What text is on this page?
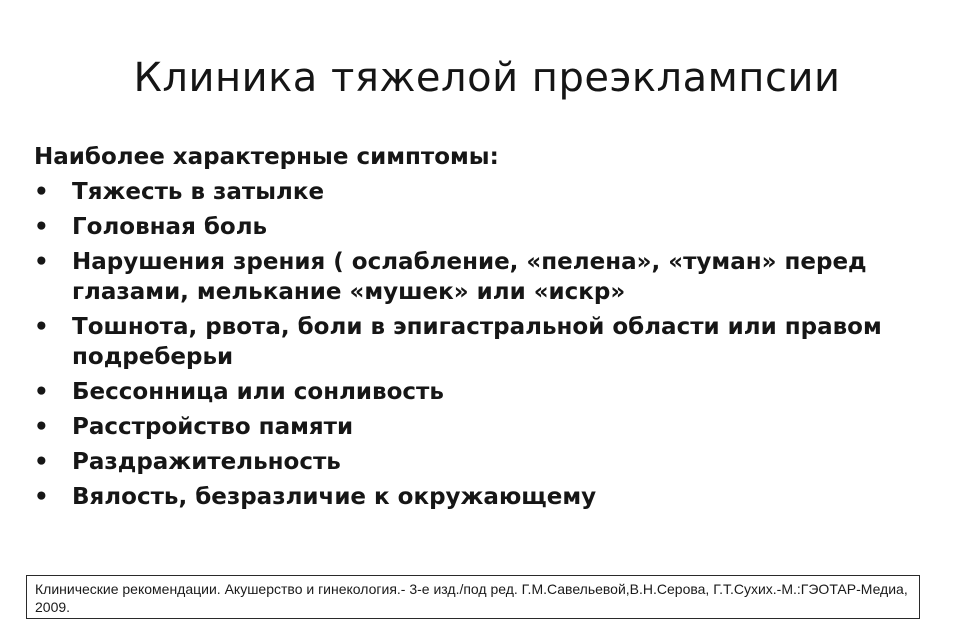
Клиника тяжелой преэклампсии
Наиболее характерные симптомы:
• Тяжесть в затылке
• Головная боль
• Нарушения зрения ( ослабление, «пелена», «туман» перед глазами, мелькание «мушек» или «искр»
• Тошнота, рвота, боли в эпигастральной области или правом подреберьи
• Бессонница или сонливость
• Расстройство памяти
• Раздражительность
• Вялость, безразличие к окружающему
Клинические рекомендации. Акушерство и гинекология.- 3-е изд./под ред. Г.М.Савельевой,В.Н.Серова, Г.Т.Сухих.-М.:ГЭОТАР-Медиа, 2009.
